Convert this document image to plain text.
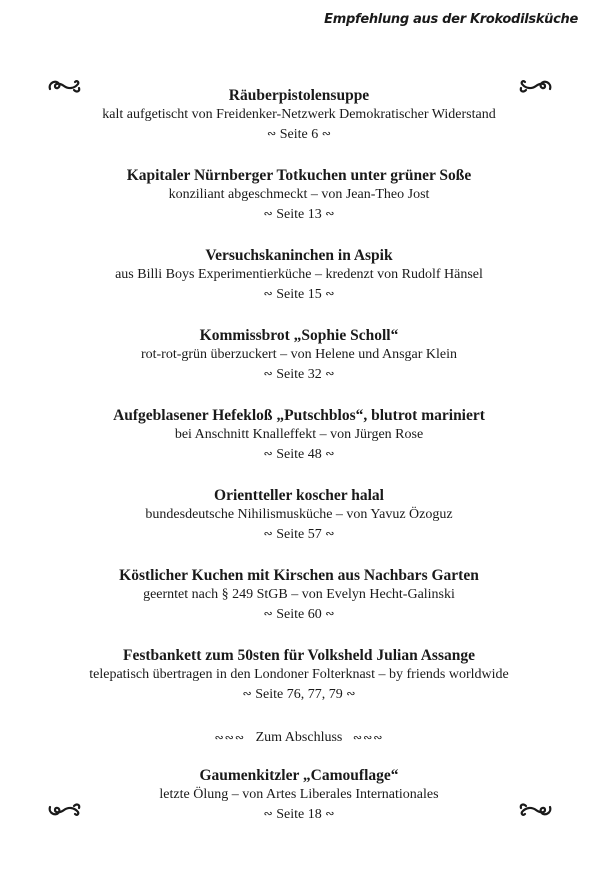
Empfehlung aus der Krokodilsküche
Räuberpistolensuppe
kalt aufgetischt von Freidenker-Netzwerk Demokratischer Widerstand
∾ Seite 6 ∾
Kapitaler Nürnberger Totkuchen unter grüner Soße
konziliant abgeschmeckt – von Jean-Theo Jost
∾ Seite 13 ∾
Versuchskaninchen in Aspik
aus Billi Boys Experimentierküche – kredenzt von Rudolf Hänsel
∾ Seite 15 ∾
Kommissbrot „Sophie Scholl“
rot-rot-grün überzuckert – von Helene und Ansgar Klein
∾ Seite 32 ∾
Aufgeblasener Hefekloß „Putschblos“, blutrot mariniert
bei Anschnitt Knalleffekt – von Jürgen Rose
∾ Seite 48 ∾
Orientteller koscher halal
bundesdeutsche Nihilismusküche – von Yavuz Özoguz
∾ Seite 57 ∾
Köstlicher Kuchen mit Kirschen aus Nachbars Garten
geerntet nach § 249 StGB – von Evelyn Hecht-Galinski
∾ Seite 60 ∾
Festbankett zum 50sten für Volksheld Julian Assange
telepatisch übertragen in den Londoner Folterknast – by friends worldwide
∾ Seite 76, 77, 79 ∾
∾∾∾ Zum Abschluss ∾∾∾
Gaumenkitzler „Camouflage“
letzte Ölung – von Artes Liberales Internationales
∾ Seite 18 ∾
